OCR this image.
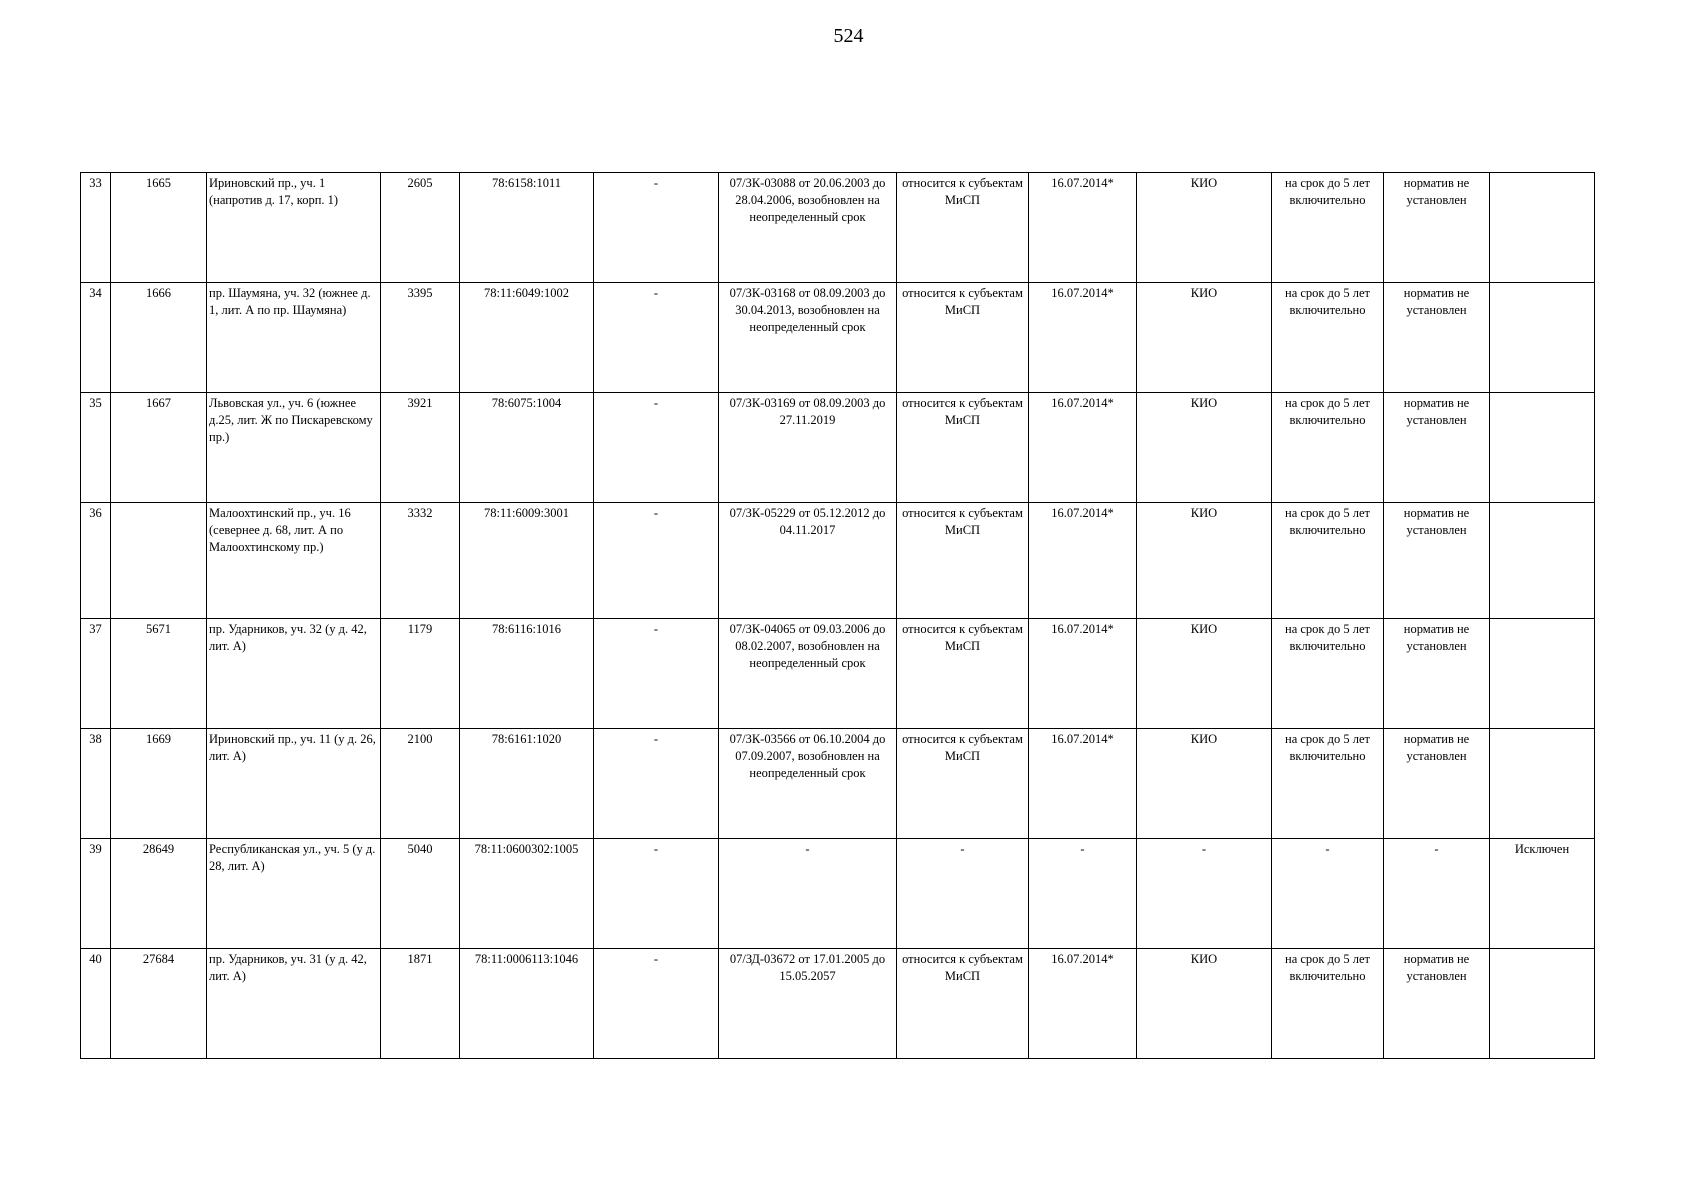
524
33	1665	Ириновский пр., уч. 1 (напротив д. 17, корп. 1)	2605	78:6158:1011	-	07/ЗК-03088 от 20.06.2003 до 28.04.2006, возобновлен на неопределенный срок	относится к субъектам МиСП	16.07.2014*	КИО	на срок до 5 лет включительно	норматив не установлен	
34	1666	пр. Шаумяна, уч. 32 (южнее д. 1, лит. А по пр. Шаумяна)	3395	78:11:6049:1002	-	07/ЗК-03168 от 08.09.2003 до 30.04.2013, возобновлен на неопределенный срок	относится к субъектам МиСП	16.07.2014*	КИО	на срок до 5 лет включительно	норматив не установлен	
35	1667	Львовская ул., уч. 6 (южнее д.25, лит. Ж по Пискаревскому пр.)	3921	78:6075:1004	-	07/ЗК-03169 от 08.09.2003 до 27.11.2019	относится к субъектам МиСП	16.07.2014*	КИО	на срок до 5 лет включительно	норматив не установлен	
36		Малоохтинский пр., уч. 16 (севернее д. 68, лит. А по Малоохтинскому пр.)	3332	78:11:6009:3001	-	07/ЗК-05229 от 05.12.2012 до 04.11.2017	относится к субъектам МиСП	16.07.2014*	КИО	на срок до 5 лет включительно	норматив не установлен	
37	5671	пр. Ударников, уч. 32 (у д. 42, лит. А)	1179	78:6116:1016	-	07/ЗК-04065 от 09.03.2006 до 08.02.2007, возобновлен на неопределенный срок	относится к субъектам МиСП	16.07.2014*	КИО	на срок до 5 лет включительно	норматив не установлен	
38	1669	Ириновский пр., уч. 11 (у д. 26, лит. А)	2100	78:6161:1020	-	07/ЗК-03566 от 06.10.2004 до 07.09.2007, возобновлен на неопределенный срок	относится к субъектам МиСП	16.07.2014*	КИО	на срок до 5 лет включительно	норматив не установлен	
39	28649	Республиканская ул., уч. 5 (у д. 28, лит. А)	5040	78:11:0600302:1005	-	-	-	-	-	-	-	Исключен
40	27684	пр. Ударников, уч. 31 (у д. 42, лит. А)	1871	78:11:0006113:1046	-	07/ЗД-03672 от 17.01.2005 до 15.05.2057	относится к субъектам МиСП	16.07.2014*	КИО	на срок до 5 лет включительно	норматив не установлен	
